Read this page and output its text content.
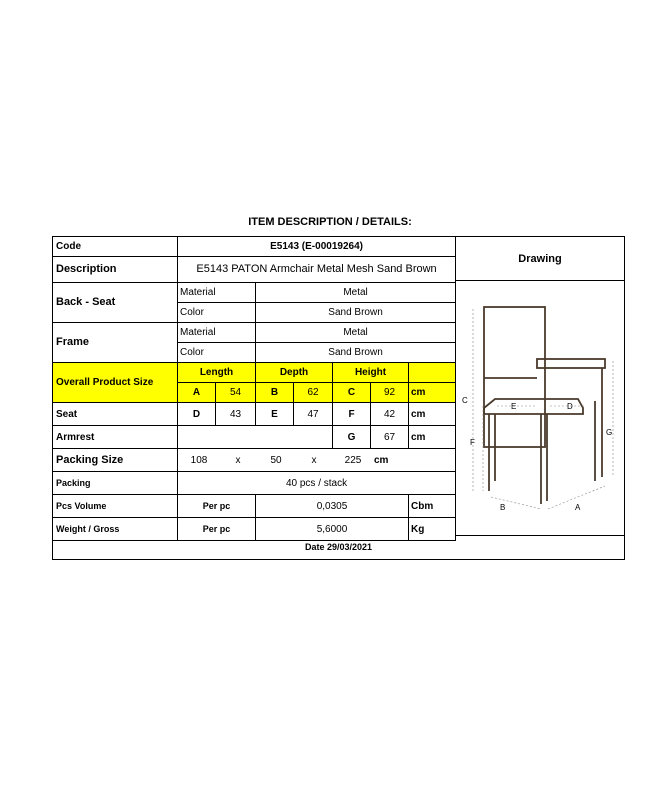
ITEM DESCRIPTION / DETAILS:
Code	E5143 (E-00019264)						
Description	E5143 PATON Armchair Metal Mesh Sand Brown						
Back - Seat	Material		Metal				
	Color		Sand Brown				
Frame	Material		Metal				
	Color		Sand Brown				
Overall Product Size	Length		Depth		Height		
	A	54	B	62	C	92	cm
Seat	D	43	E	47	F	42	cm
Armrest					G	67	cm
Packing Size	108 x 50 x 225 cm						
Packing	40 pcs / stack						
Pcs Volume	Per pc		0,0305				Cbm
Weight / Gross	Per pc		5,6000				Kg
Drawing
C
F
G
E	D
B	A
Date 29/03/2021
